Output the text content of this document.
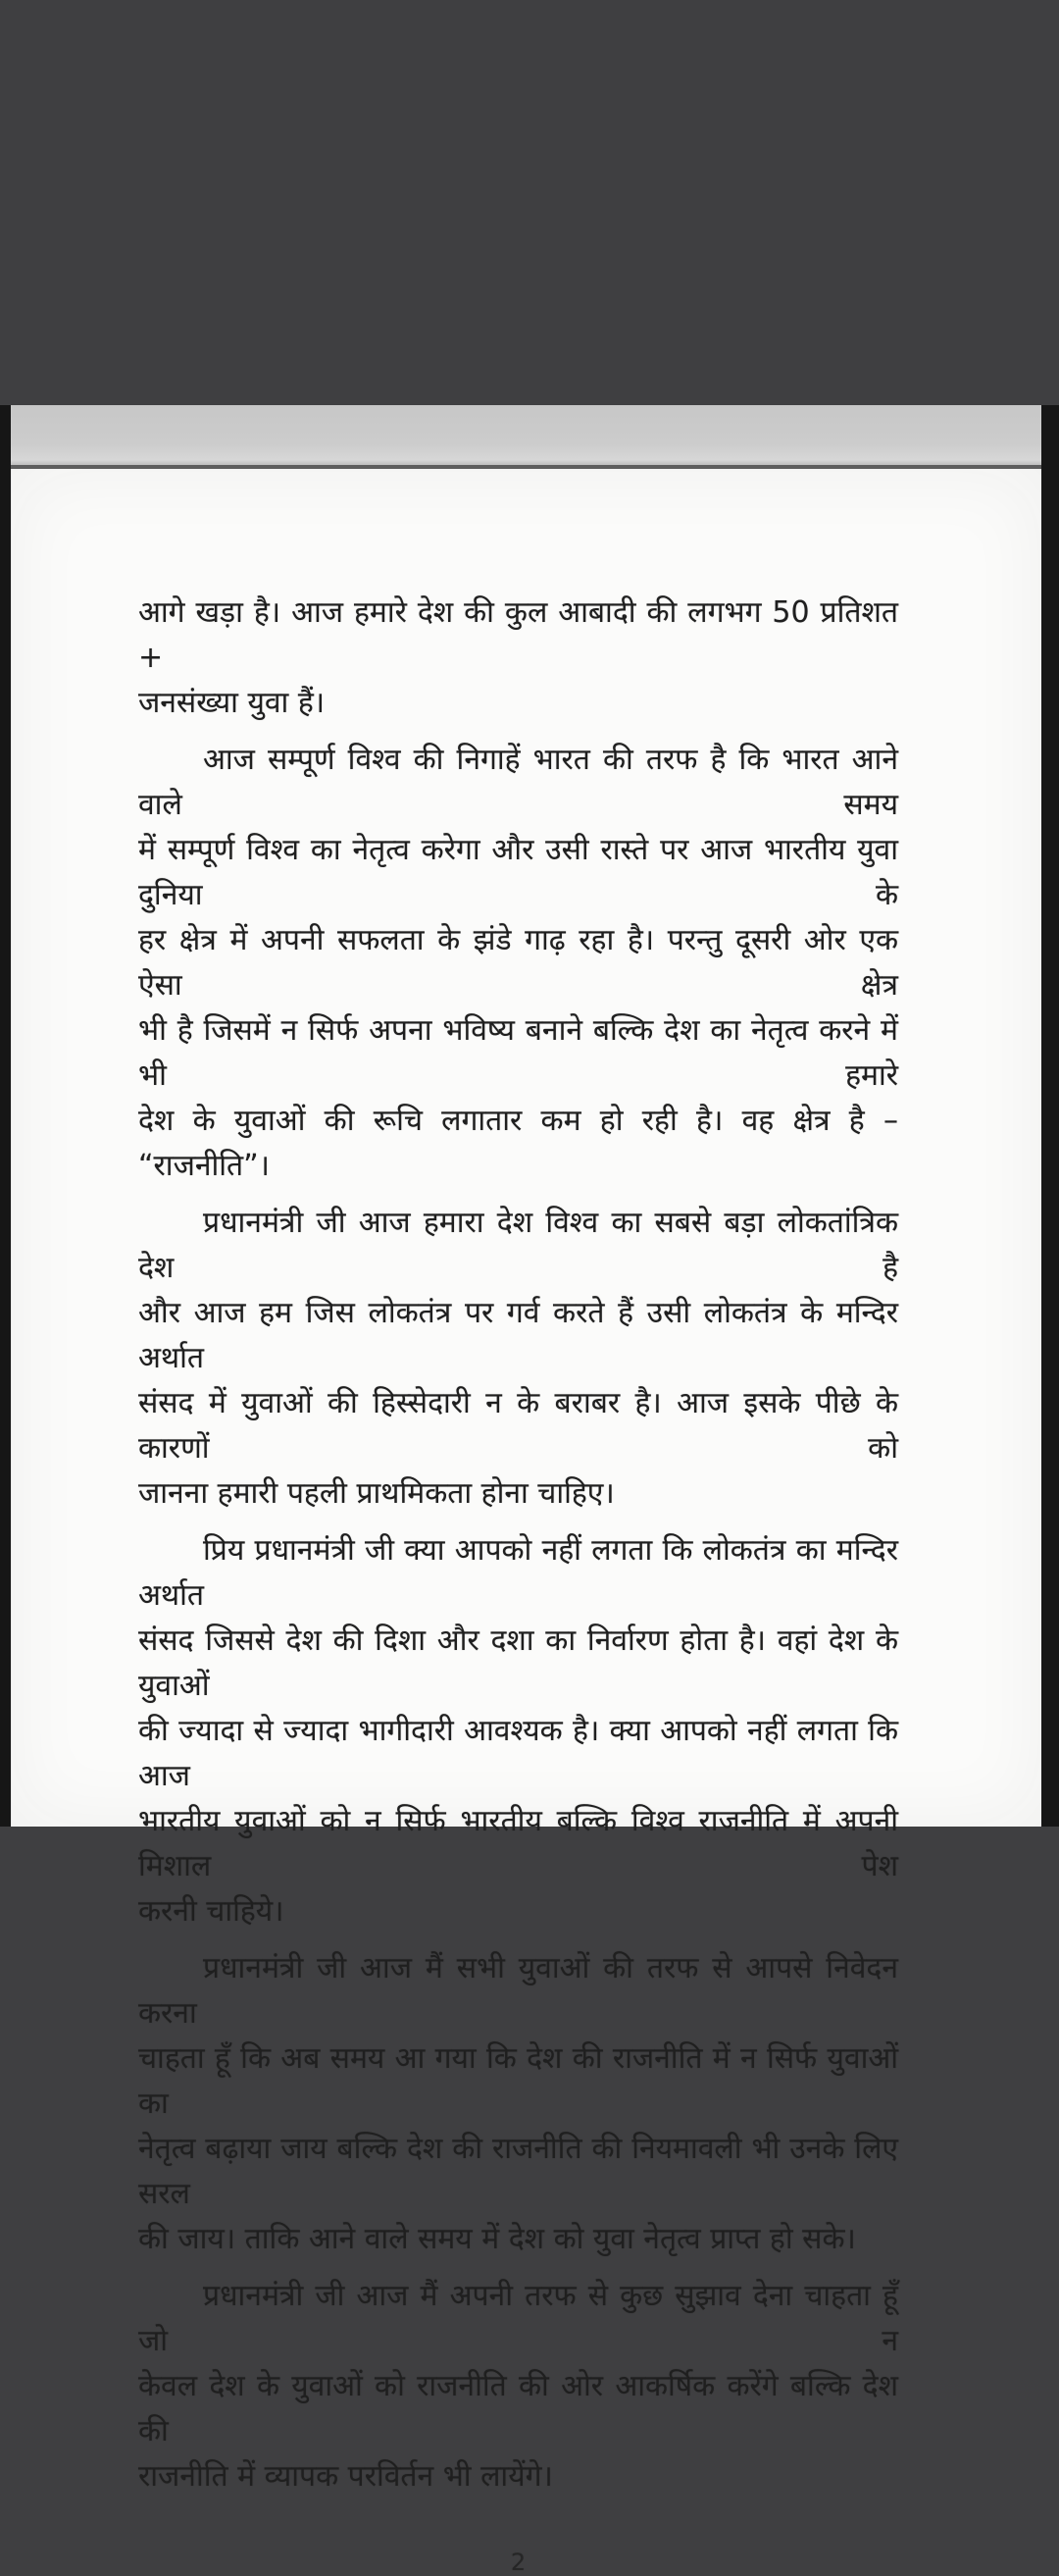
आगे खड़ा है। आज हमारे देश की कुल आबादी की लगभग 50 प्रतिशत +
जनसंख्या युवा हैं।

आज सम्पूर्ण विश्व की निगाहें भारत की तरफ है कि भारत आने वाले समय
में सम्पूर्ण विश्व का नेतृत्व करेगा और उसी रास्ते पर आज भारतीय युवा दुनिया के
हर क्षेत्र में अपनी सफलता के झंडे गाढ़ रहा है। परन्तु दूसरी ओर एक ऐसा क्षेत्र
भी है जिसमें न सिर्फ अपना भविष्य बनाने बल्कि देश का नेतृत्व करने में भी हमारे
देश के युवाओं की रूचि लगातार कम हो रही है। वह क्षेत्र है – “राजनीति”।

प्रधानमंत्री जी आज हमारा देश विश्व का सबसे बड़ा लोकतांत्रिक देश है
और आज हम जिस लोकतंत्र पर गर्व करते हैं उसी लोकतंत्र के मन्दिर अर्थात
संसद में युवाओं की हिस्सेदारी न के बराबर है। आज इसके पीछे के कारणों को
जानना हमारी पहली प्राथमिकता होना चाहिए।

प्रिय प्रधानमंत्री जी क्या आपको नहीं लगता कि लोकतंत्र का मन्दिर अर्थात
संसद जिससे देश की दिशा और दशा का निर्वारण होता है। वहां देश के युवाओं
की ज्यादा से ज्यादा भागीदारी आवश्यक है। क्या आपको नहीं लगता कि आज
भारतीय युवाओं को न सिर्फ भारतीय बल्कि विश्व राजनीति में अपनी मिशाल पेश
करनी चाहिये।

प्रधानमंत्री जी आज मैं सभी युवाओं की तरफ से आपसे निवेदन करना
चाहता हूँ कि अब समय आ गया कि देश की राजनीति में न सिर्फ युवाओं का
नेतृत्व बढ़ाया जाय बल्कि देश की राजनीति की नियमावली भी उनके लिए सरल
की जाय। ताकि आने वाले समय में देश को युवा नेतृत्व प्राप्त हो सके।

प्रधानमंत्री जी आज मैं अपनी तरफ से कुछ सुझाव देना चाहता हूँ जो न
केवल देश के युवाओं को राजनीति की ओर आकर्षिक करेंगे बल्कि देश की
राजनीति में व्यापक परविर्तन भी लायेंगे।

2
